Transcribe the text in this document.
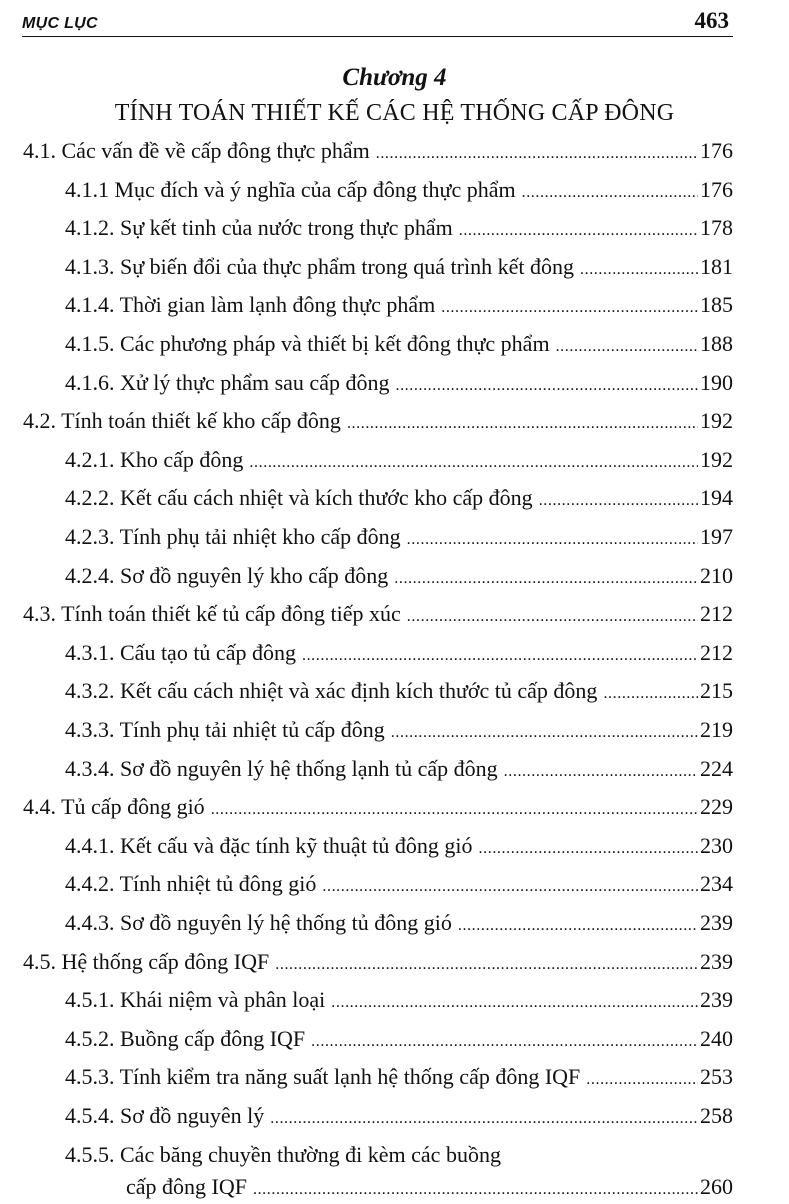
MỤC LỤC	463
Chương 4
TÍNH TOÁN THIẾT KẾ CÁC HỆ THỐNG CẤP ĐÔNG
4.1. Các vấn đề về cấp đông thực phẩm .....	176
4.1.1 Mục đích và ý nghĩa của cấp đông thực phẩm .....	176
4.1.2. Sự kết tinh của nước trong thực phẩm .....	178
4.1.3. Sự biến đổi của thực phẩm trong quá trình kết đông .....	181
4.1.4. Thời gian làm lạnh đông thực phẩm .....	185
4.1.5. Các phương pháp và thiết bị kết đông thực phẩm .....	188
4.1.6. Xử lý thực phẩm sau cấp đông .....	190
4.2. Tính toán thiết kế kho cấp đông .....	192
4.2.1. Kho cấp đông .....	192
4.2.2. Kết cấu cách nhiệt và kích thước kho cấp đông .....	194
4.2.3. Tính phụ tải nhiệt kho cấp đông .....	197
4.2.4. Sơ đồ nguyên lý kho cấp đông .....	210
4.3. Tính toán thiết kế tủ cấp đông tiếp xúc .....	212
4.3.1. Cấu tạo tủ cấp đông .....	212
4.3.2. Kết cấu cách nhiệt và xác định kích thước tủ cấp đông .....	215
4.3.3. Tính phụ tải nhiệt tủ cấp đông .....	219
4.3.4. Sơ đồ nguyên lý hệ thống lạnh tủ cấp đông .....	224
4.4. Tủ cấp đông gió .....	229
4.4.1. Kết cấu và đặc tính kỹ thuật tủ đông gió .....	230
4.4.2. Tính nhiệt tủ đông gió .....	234
4.4.3. Sơ đồ nguyên lý hệ thống tủ đông gió .....	239
4.5. Hệ thống cấp đông IQF .....	239
4.5.1. Khái niệm và phân loại .....	239
4.5.2. Buồng cấp đông IQF .....	240
4.5.3. Tính kiểm tra năng suất lạnh hệ thống cấp đông IQF .....	253
4.5.4. Sơ đồ nguyên lý .....	258
4.5.5. Các băng chuyền thường đi kèm các buồng
cấp đông IQF .....	260
